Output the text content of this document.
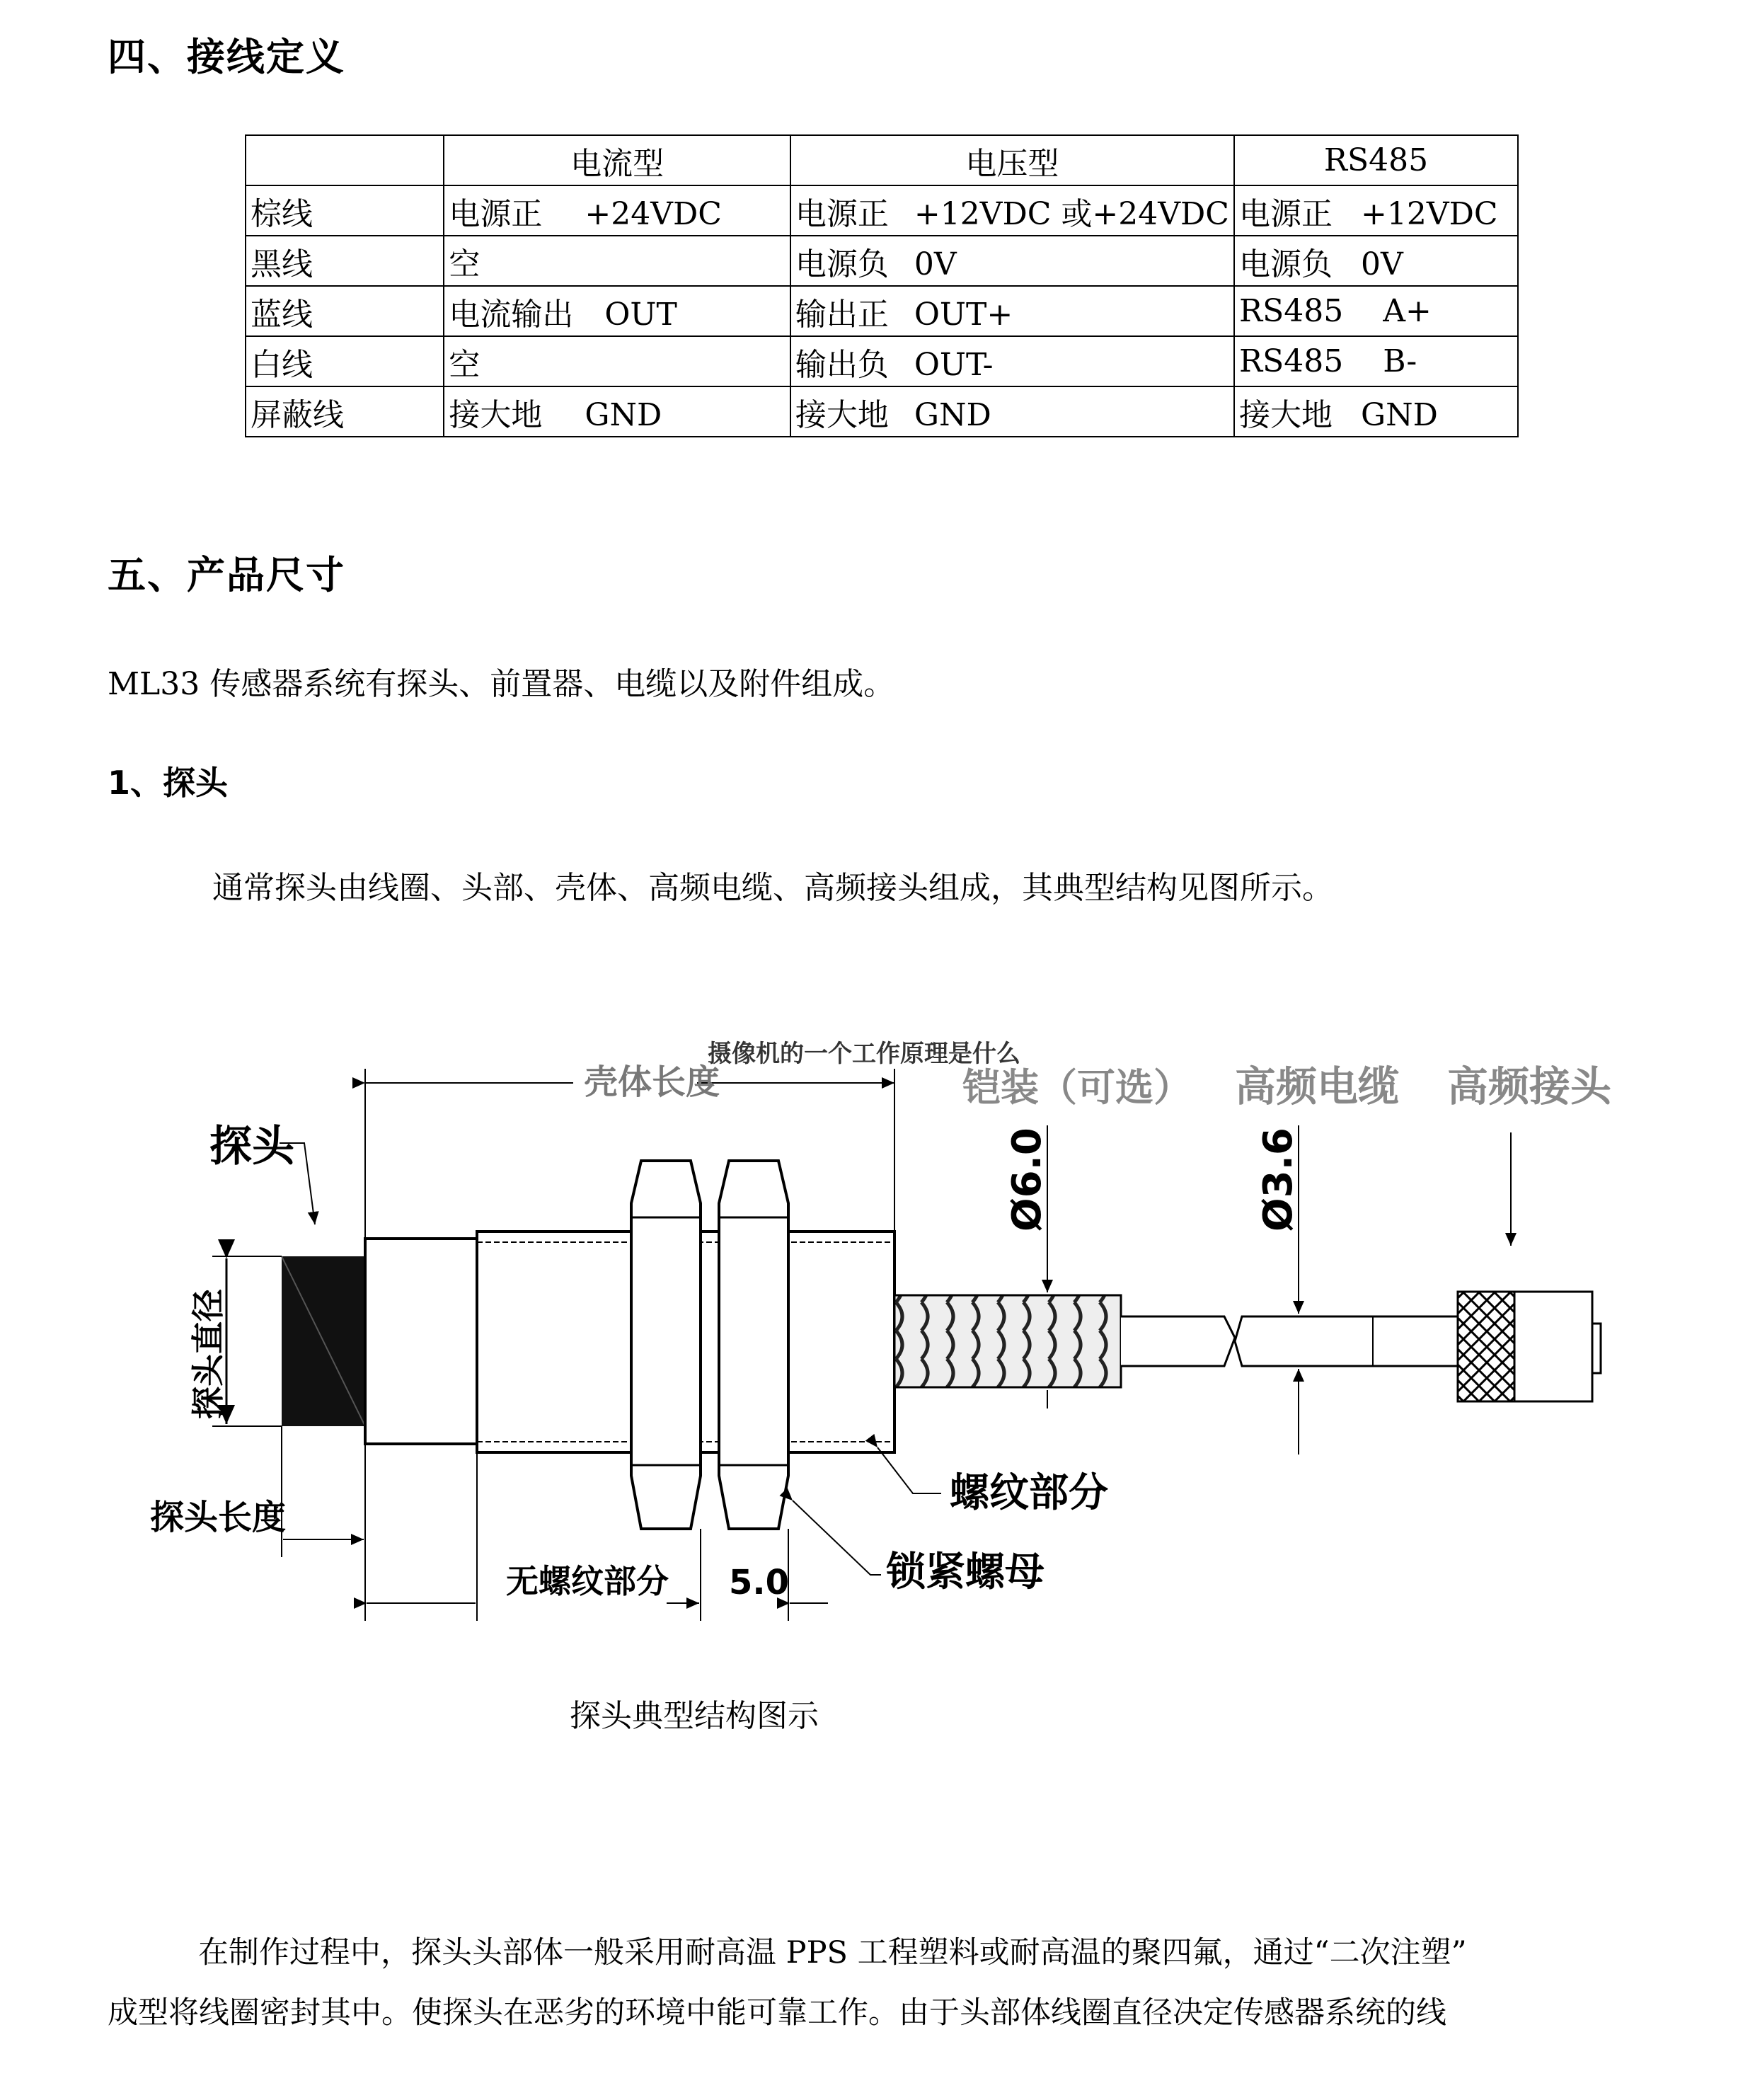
四、接线定义
	电流型	电压型	RS485
棕线	电源正 +24VDC	电源正 +12VDC 或+24VDC	电源正 +12VDC
黑线	空	电源负 0V	电源负 0V
蓝线	电流输出 OUT	输出正 OUT+	RS485 A+
白线	空	输出负 OUT-	RS485 B-
屏蔽线	接大地 GND	接大地 GND	接大地 GND
五、产品尺寸
ML33 传感器系统有探头、前置器、电缆以及附件组成。
1、探头
通常探头由线圈、头部、壳体、高频电缆、高频接头组成，其典型结构见图所示。
探头
壳体长度	铠装（可选） 高频电缆 高频接头
摄像机的一个工作原理是什么
探头直径
探头长度
螺纹部分
锁紧螺母
无螺纹部分 5.0
Ø6.0	Ø3.6
探头典型结构图示
在制作过程中，探头头部体一般采用耐高温 PPS 工程塑料或耐高温的聚四氟，通过“二次注塑”
成型将线圈密封其中。使探头在恶劣的环境中能可靠工作。由于头部体线圈直径决定传感器系统的线
